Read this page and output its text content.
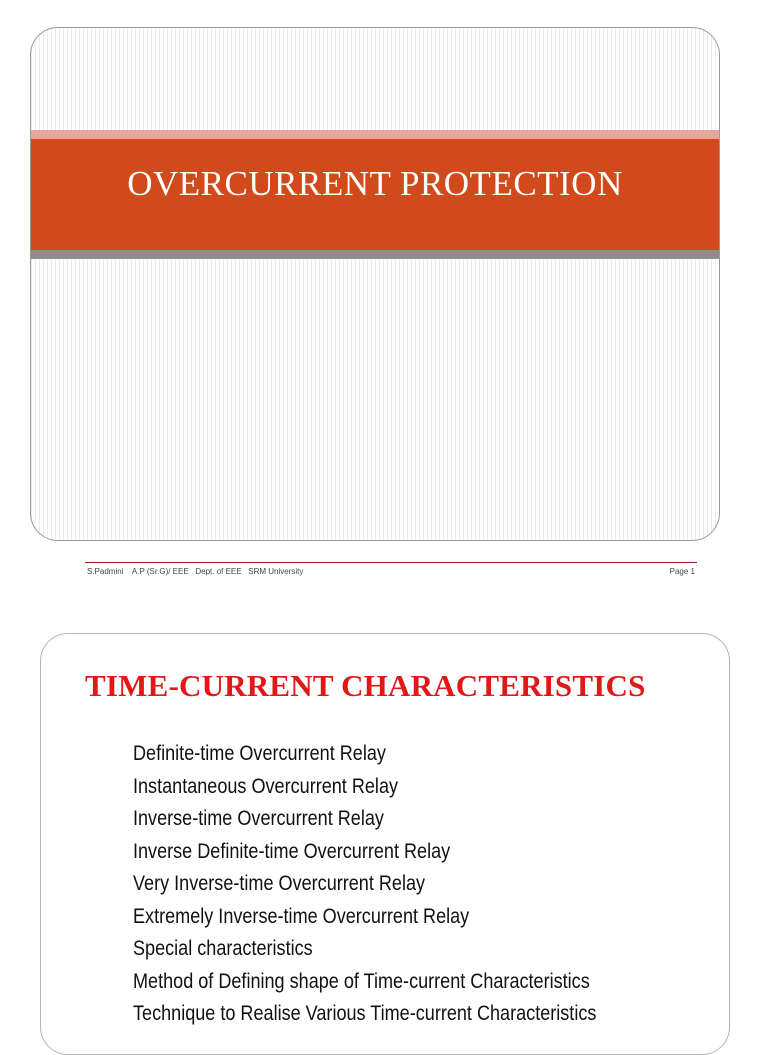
OVERCURRENT PROTECTION
S.Padmini A.P (Sr.G)/ EEE Dept. of EEE SRM University	Page 1
TIME-CURRENT CHARACTERISTICS
Definite-time Overcurrent Relay
Instantaneous Overcurrent Relay
Inverse-time Overcurrent Relay
Inverse Definite-time Overcurrent Relay
Very Inverse-time Overcurrent Relay
Extremely Inverse-time Overcurrent Relay
Special characteristics
Method of Defining shape of Time-current Characteristics
Technique to Realise Various Time-current Characteristics
